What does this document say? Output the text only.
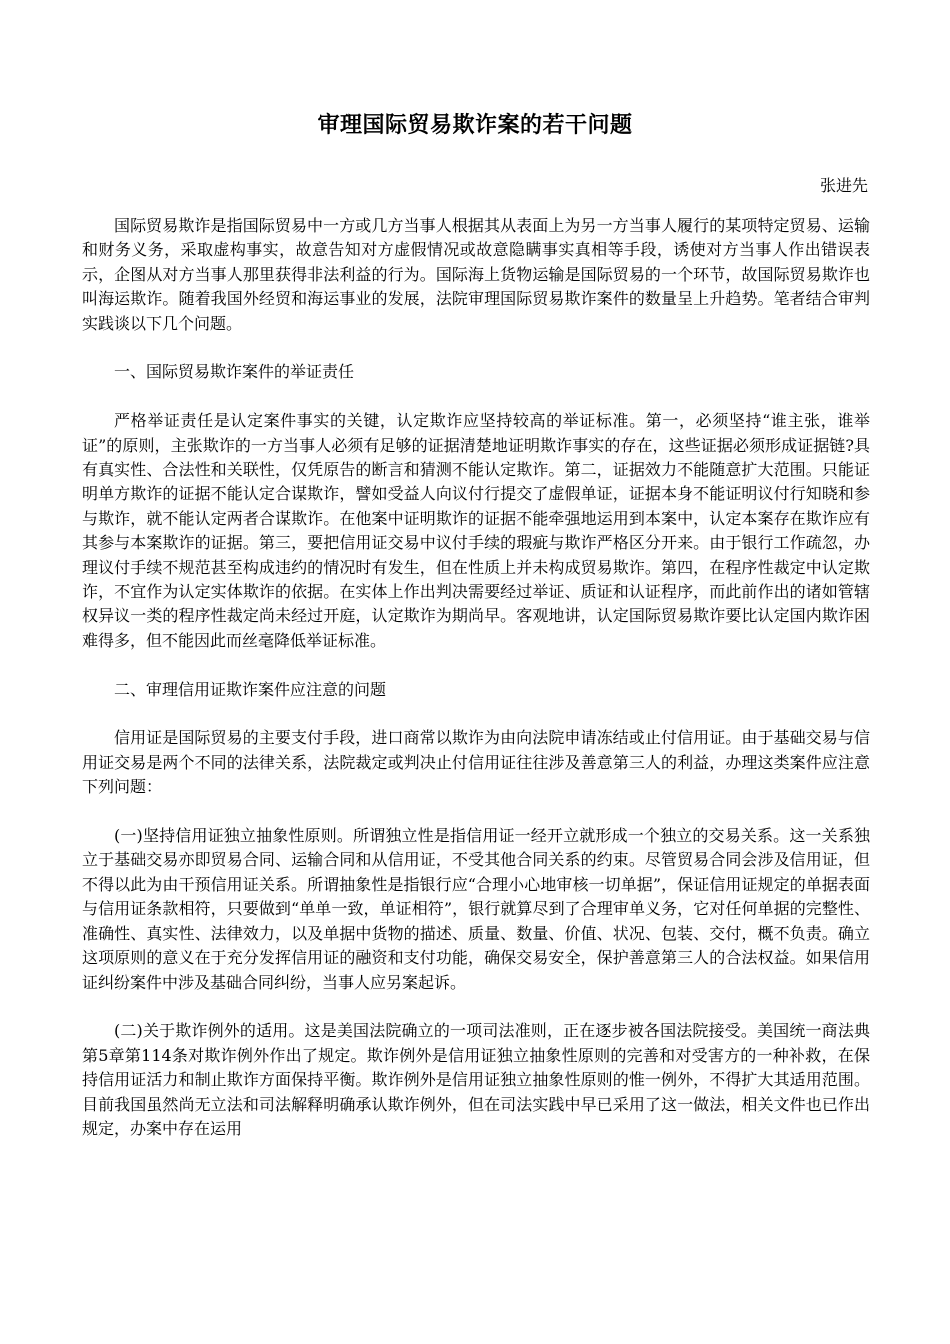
审理国际贸易欺诈案的若干问题
张进先

国际贸易欺诈是指国际贸易中一方或几方当事人根据其从表面上为另一方当事人履行的某项特定贸易、运输和财务义务，采取虚构事实，故意告知对方虚假情况或故意隐瞒事实真相等手段，诱使对方当事人作出错误表示，企图从对方当事人那里获得非法利益的行为。国际海上货物运输是国际贸易的一个环节，故国际贸易欺诈也叫海运欺诈。随着我国外经贸和海运事业的发展，法院审理国际贸易欺诈案件的数量呈上升趋势。笔者结合审判实践谈以下几个问题。

一、国际贸易欺诈案件的举证责任

严格举证责任是认定案件事实的关键，认定欺诈应坚持较高的举证标准。第一，必须坚持“谁主张，谁举证”的原则，主张欺诈的一方当事人必须有足够的证据清楚地证明欺诈事实的存在，这些证据必须形成证据链?具有真实性、合法性和关联性，仅凭原告的断言和猜测不能认定欺诈。第二，证据效力不能随意扩大范围。只能证明单方欺诈的证据不能认定合谋欺诈，譬如受益人向议付行提交了虚假单证，证据本身不能证明议付行知晓和参与欺诈，就不能认定两者合谋欺诈。在他案中证明欺诈的证据不能牵强地运用到本案中，认定本案存在欺诈应有其参与本案欺诈的证据。第三，要把信用证交易中议付手续的瑕疵与欺诈严格区分开来。由于银行工作疏忽，办理议付手续不规范甚至构成违约的情况时有发生，但在性质上并未构成贸易欺诈。第四，在程序性裁定中认定欺诈，不宜作为认定实体欺诈的依据。在实体上作出判决需要经过举证、质证和认证程序，而此前作出的诸如管辖权异议一类的程序性裁定尚未经过开庭，认定欺诈为期尚早。客观地讲，认定国际贸易欺诈要比认定国内欺诈困难得多，但不能因此而丝毫降低举证标准。

二、审理信用证欺诈案件应注意的问题

信用证是国际贸易的主要支付手段，进口商常以欺诈为由向法院申请冻结或止付信用证。由于基础交易与信用证交易是两个不同的法律关系，法院裁定或判决止付信用证往往涉及善意第三人的利益，办理这类案件应注意下列问题：

(一)坚持信用证独立抽象性原则。所谓独立性是指信用证一经开立就形成一个独立的交易关系。这一关系独立于基础交易亦即贸易合同、运输合同和从信用证，不受其他合同关系的约束。尽管贸易合同会涉及信用证，但不得以此为由干预信用证关系。所谓抽象性是指银行应“合理小心地审核一切单据”，保证信用证规定的单据表面与信用证条款相符，只要做到“单单一致，单证相符”，银行就算尽到了合理审单义务，它对任何单据的完整性、准确性、真实性、法律效力，以及单据中货物的描述、质量、数量、价值、状况、包装、交付，概不负责。确立这项原则的意义在于充分发挥信用证的融资和支付功能，确保交易安全，保护善意第三人的合法权益。如果信用证纠纷案件中涉及基础合同纠纷，当事人应另案起诉。

(二)关于欺诈例外的适用。这是美国法院确立的一项司法准则，正在逐步被各国法院接受。美国统一商法典第5章第114条对欺诈例外作出了规定。欺诈例外是信用证独立抽象性原则的完善和对受害方的一种补救，在保持信用证活力和制止欺诈方面保持平衡。欺诈例外是信用证独立抽象性原则的惟一例外，不得扩大其适用范围。目前我国虽然尚无立法和司法解释明确承认欺诈例外，但在司法实践中早已采用了这一做法，相关文件也已作出规定，办案中存在运用
